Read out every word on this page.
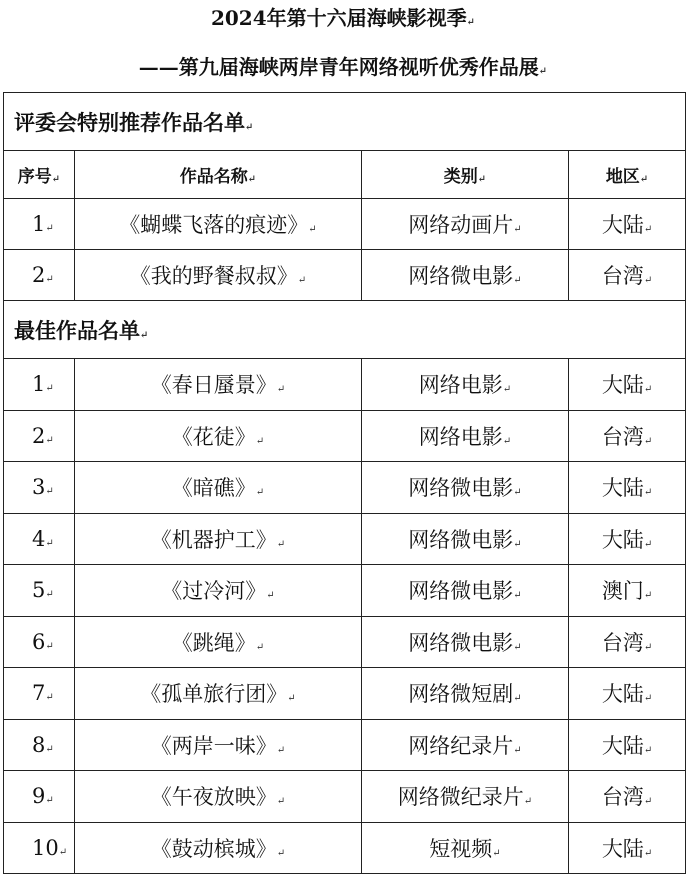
2024年第十六届海峡影视季↵
——第九届海峡两岸青年网络视听优秀作品展↵
评委会特别推荐作品名单↵			
序号↵	作品名称↵	类别↵	地区↵
1↵	《蝴蝶飞落的痕迹》↵	网络动画片↵	大陆↵
2↵	《我的野餐叔叔》↵	网络微电影↵	台湾↵
最佳作品名单↵			
1↵	《春日蜃景》↵	网络电影↵	大陆↵
2↵	《花徒》↵	网络电影↵	台湾↵
3↵	《暗礁》↵	网络微电影↵	大陆↵
4↵	《机器护工》↵	网络微电影↵	大陆↵
5↵	《过冷河》↵	网络微电影↵	澳门↵
6↵	《跳绳》↵	网络微电影↵	台湾↵
7↵	《孤单旅行团》↵	网络微短剧↵	大陆↵
8↵	《两岸一味》↵	网络纪录片↵	大陆↵
9↵	《午夜放映》↵	网络微纪录片↵	台湾↵
10↵	《鼓动槟城》↵	短视频↵	大陆↵
